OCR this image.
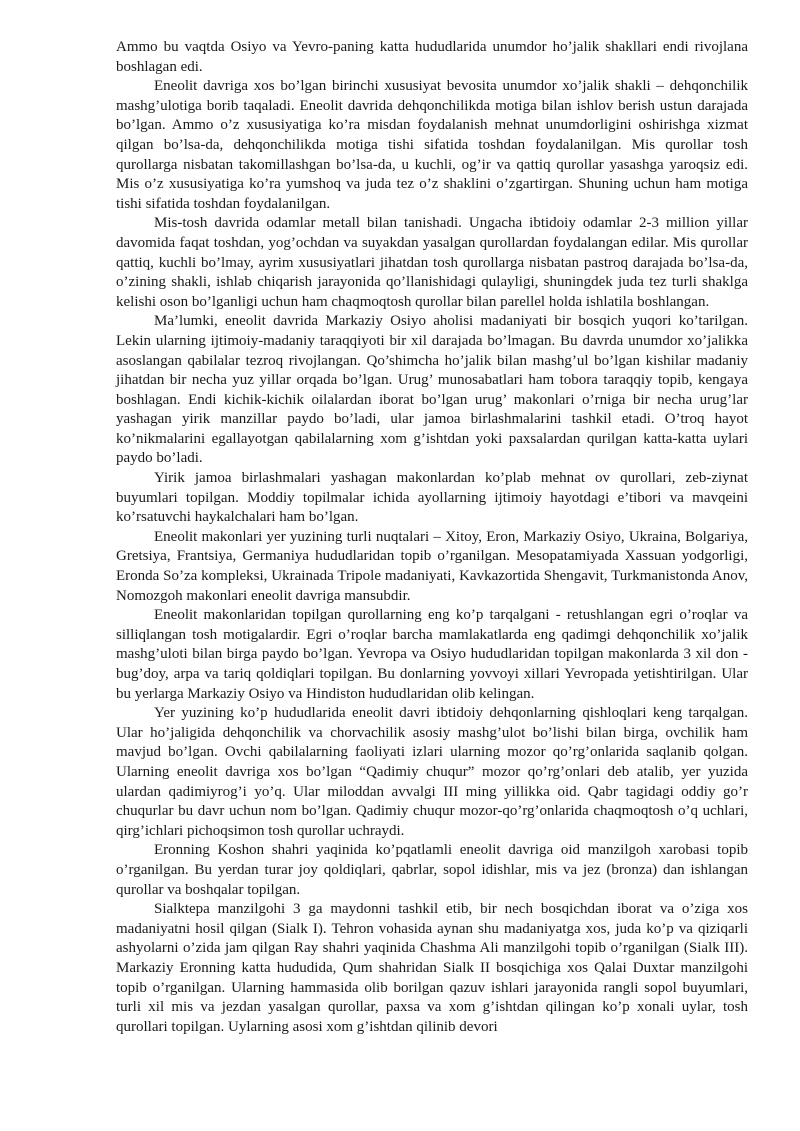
Ammo bu vaqtda Osiyo va Yevro-paning katta hududlarida unumdor ho’jalik shakllari endi rivojlana boshlagan edi.

Eneolit davriga xos bo’lgan birinchi xususiyat bevosita unumdor xo’jalik shakli – dehqonchilik mashg’ulotiga borib taqaladi. Eneolit davrida dehqonchilikda motiga bilan ishlov berish ustun darajada bo’lgan. Ammo o’z xususiyatiga ko’ra misdan foydalanish mehnat unumdorligini oshirishga xizmat qilgan bo’lsa-da, dehqonchilikda motiga tishi sifatida toshdan foydalanilgan. Mis qurollar tosh qurollarga nisbatan takomillashgan bo’lsa-da, u kuchli, og’ir va qattiq qurollar yasashga yaroqsiz edi. Mis o’z xususiyatiga ko’ra yumshoq va juda tez o’z shaklini o’zgartirgan. Shuning uchun ham motiga tishi sifatida toshdan foydalanilgan.

Mis-tosh davrida odamlar metall bilan tanishadi. Ungacha ibtidoiy odamlar 2-3 million yillar davomida faqat toshdan, yog’ochdan va suyakdan yasalgan qurollardan foydalangan edilar. Mis qurollar qattiq, kuchli bo’lmay, ayrim xususiyatlari jihatdan tosh qurollarga nisbatan pastroq darajada bo’lsa-da, o’zining shakli, ishlab chiqarish jarayonida qo’llanishidagi qulayligi, shuningdek juda tez turli shaklga kelishi oson bo’lganligi uchun ham chaqmoqtosh qurollar bilan parellel holda ishlatila boshlangan.

Ma’lumki, eneolit davrida Markaziy Osiyo aholisi madaniyati bir bosqich yuqori ko’tarilgan. Lekin ularning ijtimoiy-madaniy taraqqiyoti bir xil darajada bo’lmagan. Bu davrda unumdor xo’jalikka asoslangan qabilalar tezroq rivojlangan. Qo’shimcha ho’jalik bilan mashg’ul bo’lgan kishilar madaniy jihatdan bir necha yuz yillar orqada bo’lgan. Urug’ munosabatlari ham tobora taraqqiy topib, kengaya boshlagan. Endi kichik-kichik oilalardan iborat bo’lgan urug’ makonlari o’rniga bir necha urug’lar yashagan yirik manzillar paydo bo’ladi, ular jamoa birlashmalarini tashkil etadi. O’troq hayot ko’nikmalarini egallayotgan qabilalarning xom g’ishtdan yoki paxsalardan qurilgan katta-katta uylari paydo bo’ladi.

Yirik jamoa birlashmalari yashagan makonlardan ko’plab mehnat ov qurollari, zeb-ziynat buyumlari topilgan. Moddiy topilmalar ichida ayollarning ijtimoiy hayotdagi e’tibori va mavqeini ko’rsatuvchi haykalchalari ham bo’lgan.

Eneolit makonlari yer yuzining turli nuqtalari – Xitoy, Eron, Markaziy Osiyo, Ukraina, Bolgariya, Gretsiya, Frantsiya, Germaniya hududlaridan topib o’rganilgan. Mesopatamiyada Xassuan yodgorligi, Eronda So’za kompleksi, Ukrainada Tripole madaniyati, Kavkazortida Shengavit, Turkmanistonda Anov, Nomozgoh makonlari eneolit davriga mansubdir.

Eneolit makonlaridan topilgan qurollarning eng ko’p tarqalgani - retushlangan egri o’roqlar va silliqlangan tosh motigalardir. Egri o’roqlar barcha mamlakatlarda eng qadimgi dehqonchilik xo’jalik mashg’uloti bilan birga paydo bo’lgan. Yevropa va Osiyo hududlaridan topilgan makonlarda 3 xil don - bug’doy, arpa va tariq qoldiqlari topilgan. Bu donlarning yovvoyi xillari Yevropada yetishtirilgan. Ular bu yerlarga Markaziy Osiyo va Hindiston hududlaridan olib kelingan.

Yer yuzining ko’p hududlarida eneolit davri ibtidoiy dehqonlarning qishloqlari keng tarqalgan. Ular ho’jaligida dehqonchilik va chorvachilik asosiy mashg’ulot bo’lishi bilan birga, ovchilik ham mavjud bo’lgan. Ovchi qabilalarning faoliyati izlari ularning mozor qo’rg’onlarida saqlanib qolgan. Ularning eneolit davriga xos bo’lgan “Qadimiy chuqur” mozor qo’rg’onlari deb atalib, yer yuzida ulardan qadimiyrog’i yo’q. Ular miloddan avvalgi III ming yillikka oid. Qabr tagidagi oddiy go’r chuqurlar bu davr uchun nom bo’lgan. Qadimiy chuqur mozor-qo’rg’onlarida chaqmoqtosh o’q uchlari, qirg’ichlari pichoqsimon tosh qurollar uchraydi.

Eronning Koshon shahri yaqinida ko’pqatlamli eneolit davriga oid manzilgoh xarobasi topib o’rganilgan. Bu yerdan turar joy qoldiqlari, qabrlar, sopol idishlar, mis va jez (bronza) dan ishlangan qurollar va boshqalar topilgan.

Sialktepa manzilgohi 3 ga maydonni tashkil etib, bir nech bosqichdan iborat va o’ziga xos madaniyatni hosil qilgan (Sialk I). Tehron vohasida aynan shu madaniyatga xos, juda ko’p va qiziqarli ashyolarni o’zida jam qilgan Ray shahri yaqinida Chashma Ali manzilgohi topib o’rganilgan (Sialk III). Markaziy Eronning katta hududida, Qum shahridan Sialk II bosqichiga xos Qalai Duxtar manzilgohi topib o’rganilgan. Ularning hammasida olib borilgan qazuv ishlari jarayonida rangli sopol buyumlari, turli xil mis va jezdan yasalgan qurollar, paxsa va xom g’ishtdan qilingan ko’p xonali uylar, tosh qurollari topilgan. Uylarning asosi xom g’ishtdan qilinib devori
